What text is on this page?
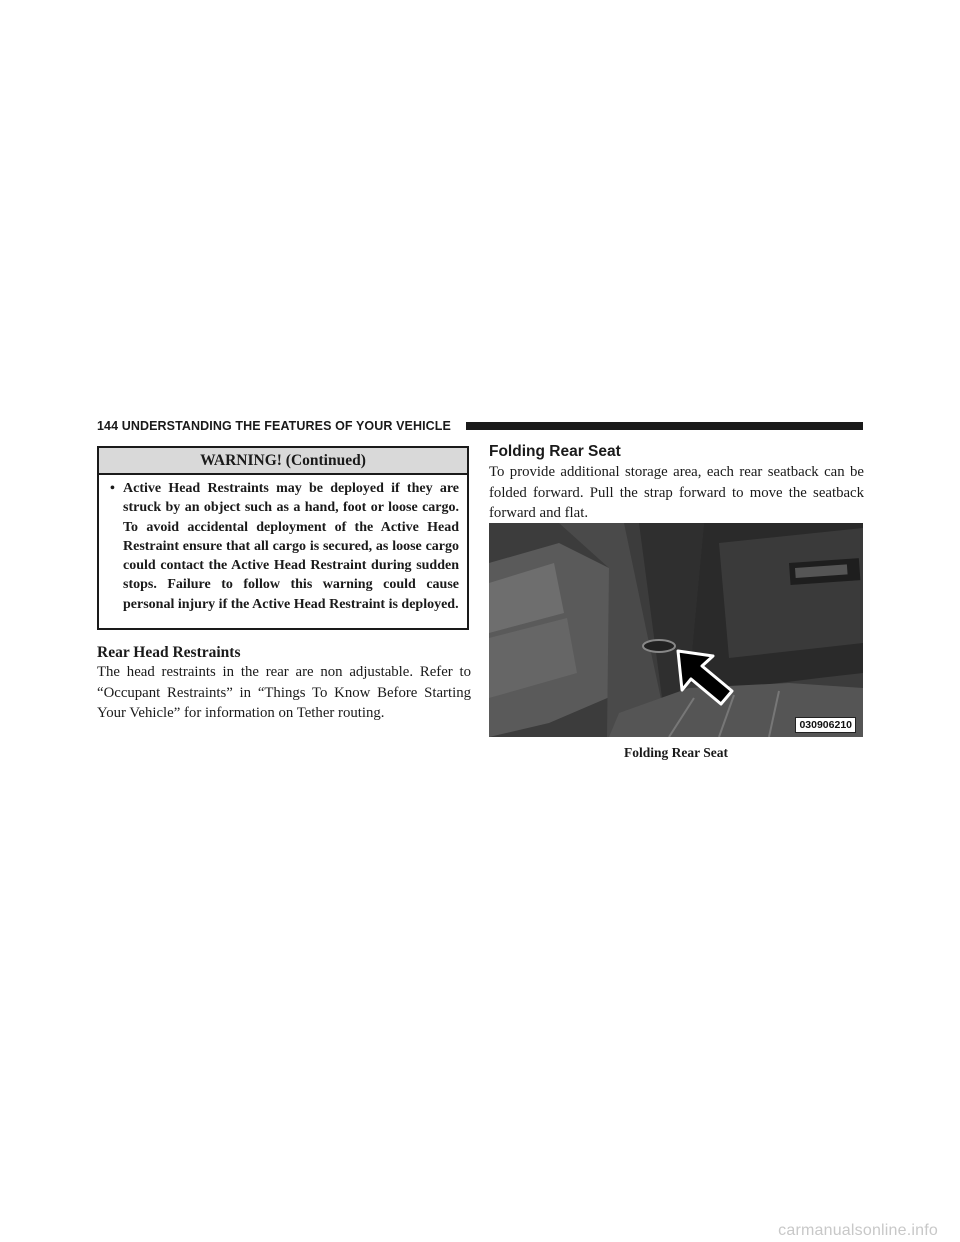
144 UNDERSTANDING THE FEATURES OF YOUR VEHICLE
WARNING! (Continued)
• Active Head Restraints may be deployed if they are struck by an object such as a hand, foot or loose cargo. To avoid accidental deployment of the Active Head Restraint ensure that all cargo is secured, as loose cargo could contact the Active Head Restraint during sudden stops. Failure to follow this warning could cause personal injury if the Active Head Restraint is deployed.
Rear Head Restraints
The head restraints in the rear are non adjustable. Refer to “Occupant Restraints” in “Things To Know Before Starting Your Vehicle” for information on Tether routing.
Folding Rear Seat
To provide additional storage area, each rear seatback can be folded forward. Pull the strap forward to move the seatback forward and flat.
030906210
Folding Rear Seat
carmanualsonline.info
